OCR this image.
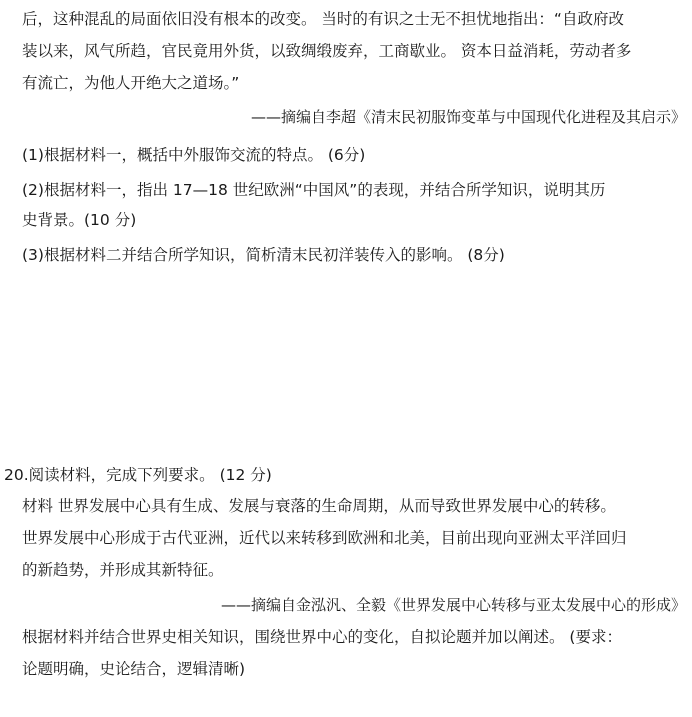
后，这种混乱的局面依旧没有根本的改变。 当时的有识之士无不担忧地指出：“自政府改
装以来，风气所趋，官民竟用外货，以致绸缎废弃，工商歇业。 资本日益消耗，劳动者多
有流亡，为他人开绝大之道场。”
——摘编自李超《清末民初服饰变革与中国现代化进程及其启示》
(1)根据材料一，概括中外服饰交流的特点。 (6分)
(2)根据材料一，指出 17—18 世纪欧洲“中国风”的表现，并结合所学知识，说明其历
史背景。(10 分)
(3)根据材料二并结合所学知识，简析清末民初洋装传入的影响。 (8分)
20.阅读材料，完成下列要求。 (12 分)
材料 世界发展中心具有生成、发展与衰落的生命周期，从而导致世界发展中心的转移。
世界发展中心形成于古代亚洲，近代以来转移到欧洲和北美，目前出现向亚洲太平洋回归
的新趋势，并形成其新特征。
——摘编自金泓汎、全毅《世界发展中心转移与亚太发展中心的形成》
根据材料并结合世界史相关知识，围绕世界中心的变化，自拟论题并加以阐述。 (要求：
论题明确，史论结合，逻辑清晰)
